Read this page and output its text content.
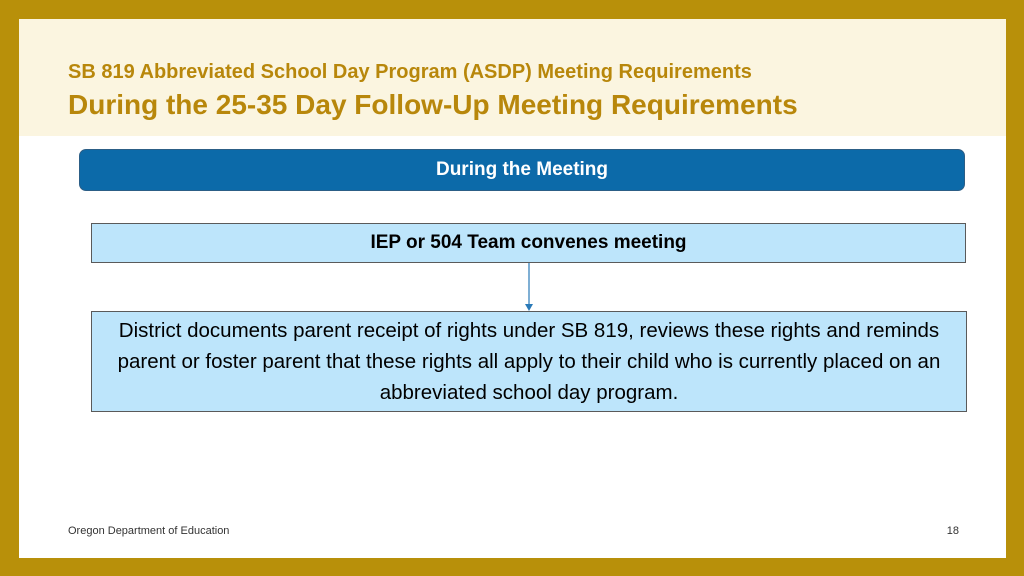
SB 819 Abbreviated School Day Program (ASDP) Meeting Requirements
During the 25-35 Day Follow-Up Meeting Requirements
During the Meeting
IEP or 504 Team convenes meeting
District documents parent receipt of rights under SB 819, reviews these rights and reminds parent or foster parent that these rights all apply to their child who is currently placed on an abbreviated school day program.
Oregon Department of Education	18
